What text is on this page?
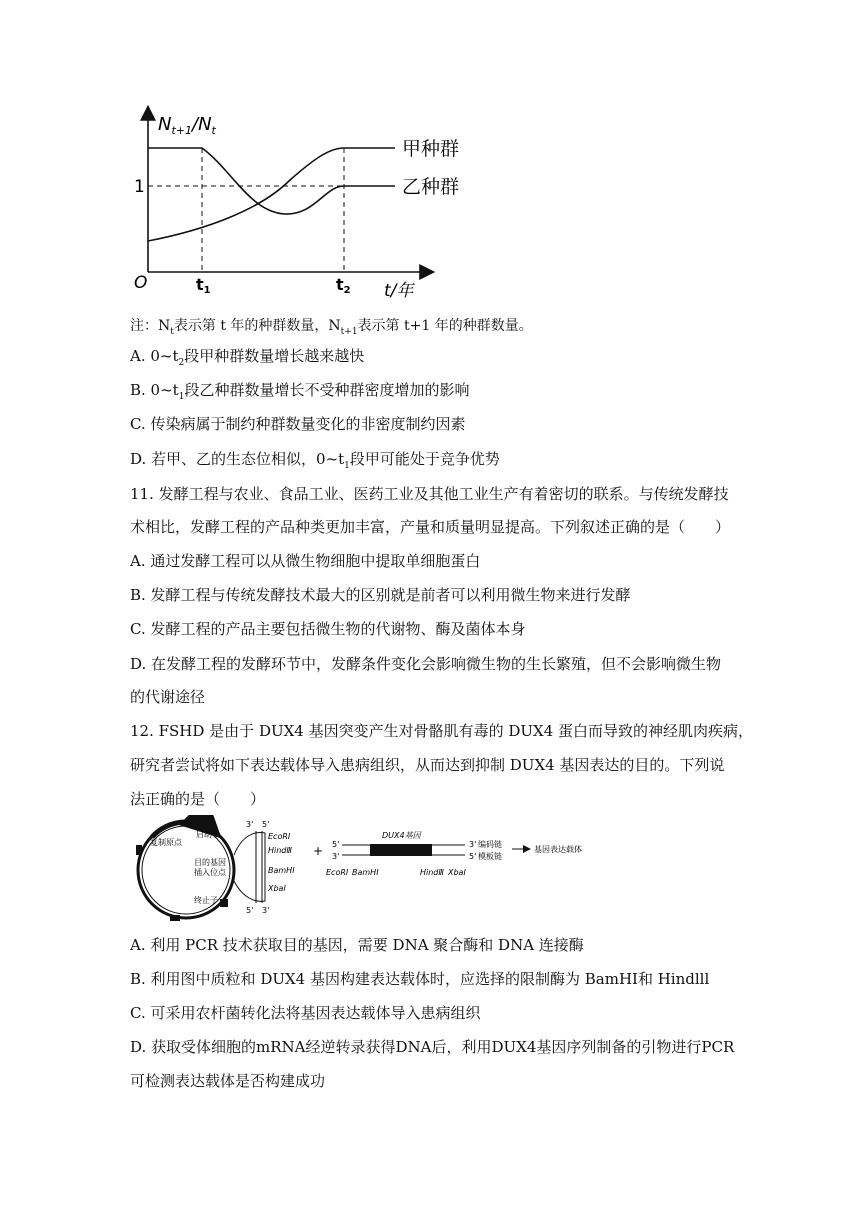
$N_{t+1}/N_t$
1
O	t1	t2 t/年
甲种群
乙种群
注：$N_t$表示第 t 年的种群数量，$N_{t+1}$表示第 t+1 年的种群数量。
A. $0\sim t_2$段甲种群数量增长越来越快
B. $0\sim t_1$段乙种群数量增长不受种群密度增加的影响
C. 传染病属于制约种群数量变化的非密度制约因素
D. 若甲、乙的生态位相似，$0\sim t_1$段甲可能处于竞争优势
11. 发酵工程与农业、食品工业、医药工业及其他工业生产有着密切的联系。与传统发酵技
术相比，发酵工程的产品种类更加丰富，产量和质量明显提高。下列叙述正确的是（　　）
A. 通过发酵工程可以从微生物细胞中提取单细胞蛋白
B. 发酵工程与传统发酵技术最大的区别就是前者可以利用微生物来进行发酵
C. 发酵工程的产品主要包括微生物的代谢物、酶及菌体本身
D. 在发酵工程的发酵环节中，发酵条件变化会影响微生物的生长繁殖，但不会影响微生物
的代谢途径
12. FSHD 是由于 DUX4 基因突变产生对骨骼肌有毒的 DUX4 蛋白而导致的神经肌肉疾病，
研究者尝试将如下表达载体导入患病组织，从而达到抑制 DUX4 基因表达的目的。下列说
法正确的是（　　）
启动子
复制原点
目的基因
插入位点
终止子
3' 5'
5' 3'
EcoRⅠ
HindⅢ
BamHⅠ
XbaⅠ
+ 5'
3'
DUX4基因
3'
5'
编码链
模板链
基因表达载体
EcoRⅠ BamHⅠ	HindⅢ XbaⅠ
A. 利用 PCR 技术获取目的基因，需要 DNA 聚合酶和 DNA 连接酶
B. 利用图中质粒和 DUX4 基因构建表达载体时，应选择的限制酶为 BamHⅠ和 Hindlll
C. 可采用农杆菌转化法将基因表达载体导入患病组织
D. 获取受体细胞的mRNA经逆转录获得DNA后，利用DUX4基因序列制备的引物进行PCR
可检测表达载体是否构建成功
